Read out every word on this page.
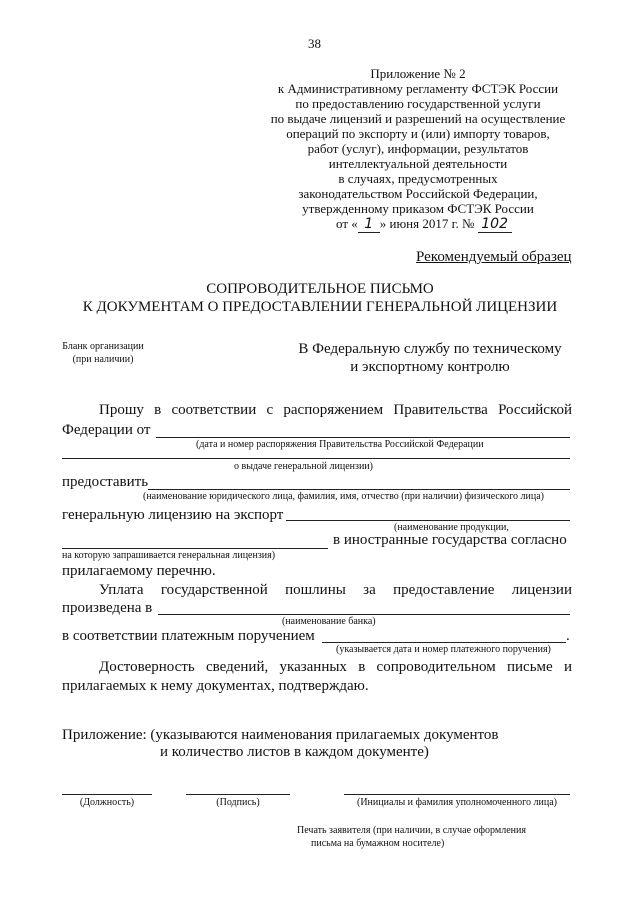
38
Приложение № 2
к Административному регламенту ФСТЭК России
по предоставлению государственной услуги
по выдаче лицензий и разрешений на осуществление
операций по экспорту и (или) импорту товаров,
работ (услуг), информации, результатов
интеллектуальной деятельности
в случаях, предусмотренных
законодательством Российской Федерации,
утвержденному приказом ФСТЭК России
от « 1 » июня 2017 г. № 102
Рекомендуемый образец
СОПРОВОДИТЕЛЬНОЕ ПИСЬМО
К ДОКУМЕНТАМ О ПРЕДОСТАВЛЕНИИ ГЕНЕРАЛЬНОЙ ЛИЦЕНЗИИ
Бланк организации
(при наличии)
В Федеральную службу по техническому
и экспортному контролю
Прошу в соответствии с распоряжением Правительства Российской
Федерации от
(дата и номер распоряжения Правительства Российской Федерации
о выдаче генеральной лицензии)
предоставить
(наименование юридического лица, фамилия, имя, отчество (при наличии) физического лица)
генеральную лицензию на экспорт
(наименование продукции,
в иностранные государства согласно
на которую запрашивается генеральная лицензия)
прилагаемому перечню.
Уплата государственной пошлины за предоставление лицензии
произведена в
(наименование банка)
в соответствии платежным поручением	.
(указывается дата и номер платежного поручения)
Достоверность сведений, указанных в сопроводительном письме и
прилагаемых к нему документах, подтверждаю.
Приложение: (указываются наименования прилагаемых документов
и количество листов в каждом документе)
(Должность)	(Подпись)	(Инициалы и фамилия уполномоченного лица)
Печать заявителя (при наличии, в случае оформления
письма на бумажном носителе)
